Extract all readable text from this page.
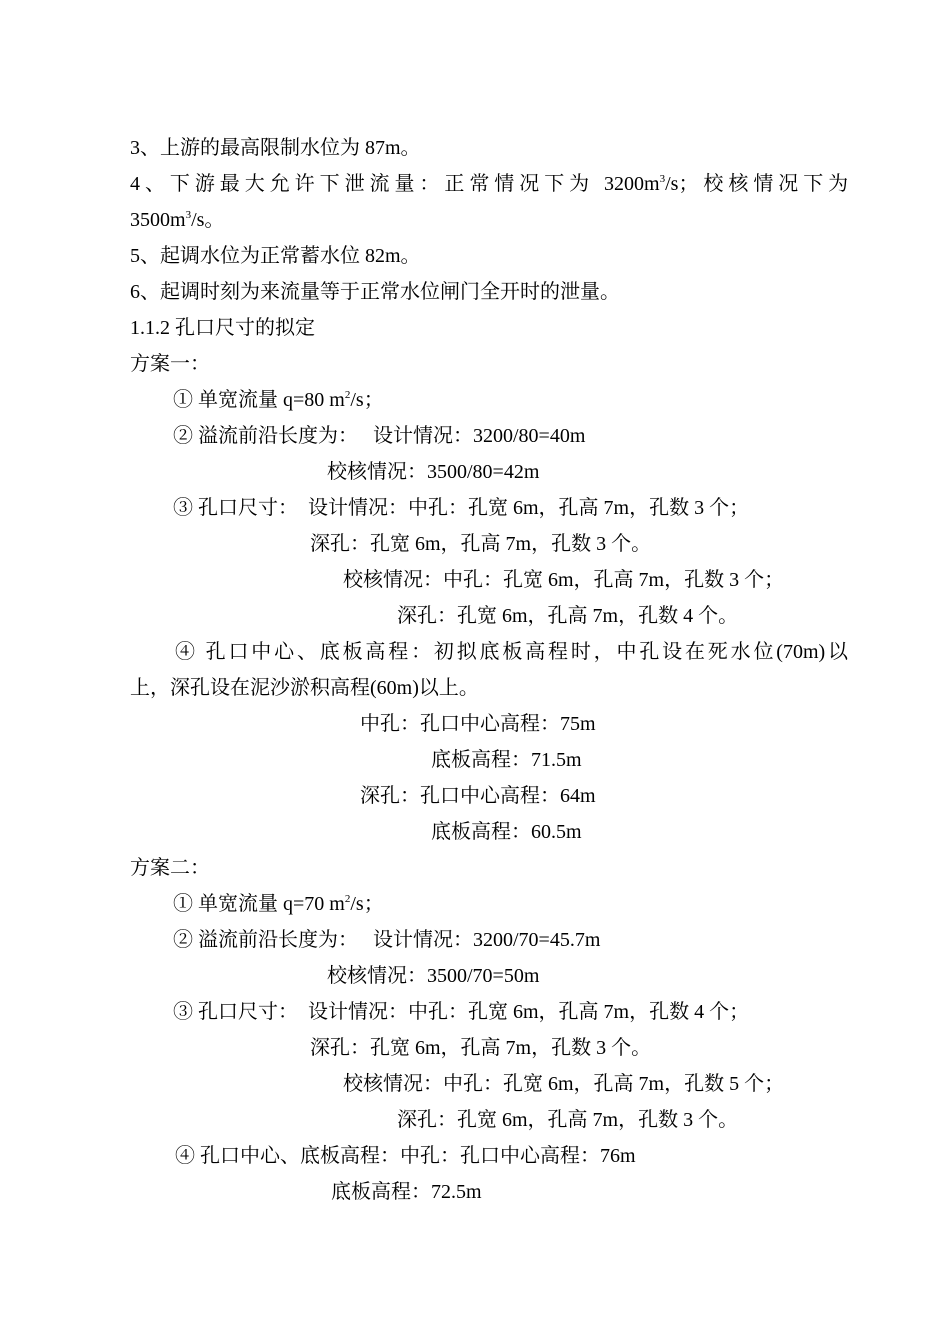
3、上游的最高限制水位为 87m。
4、下游最大允许下泄流量：正常情况下为 $3200m^3/s$；校核情况下为
$3500m^3/s$。
5、起调水位为正常蓄水位 82m。
6、起调时刻为来流量等于正常水位闸门全开时的泄量。
1.1.2 孔口尺寸的拟定
方案一：
① 单宽流量 q=80 $m^2/s$；
② 溢流前沿长度为：　 设计情况：3200/80=40m
校核情况：3500/80=42m
③ 孔口尺寸：　设计情况：中孔：孔宽 6m，孔高 7m，孔数 3 个；
深孔：孔宽 6m，孔高 7m，孔数 3 个。
校核情况：中孔：孔宽 6m，孔高 7m，孔数 3 个；
深孔：孔宽 6m，孔高 7m，孔数 4 个。
④ 孔口中心、底板高程：初拟底板高程时，中孔设在死水位(70m)以
上，深孔设在泥沙淤积高程(60m)以上。
中孔：孔口中心高程：75m
底板高程：71.5m
深孔：孔口中心高程：64m
底板高程：60.5m
方案二：
① 单宽流量 q=70 $m^2/s$；
② 溢流前沿长度为：　 设计情况：3200/70=45.7m
校核情况：3500/70=50m
③ 孔口尺寸：　设计情况：中孔：孔宽 6m，孔高 7m，孔数 4 个；
深孔：孔宽 6m，孔高 7m，孔数 3 个。
校核情况：中孔：孔宽 6m，孔高 7m，孔数 5 个；
深孔：孔宽 6m，孔高 7m，孔数 3 个。
④ 孔口中心、底板高程：中孔：孔口中心高程：76m
底板高程：72.5m
